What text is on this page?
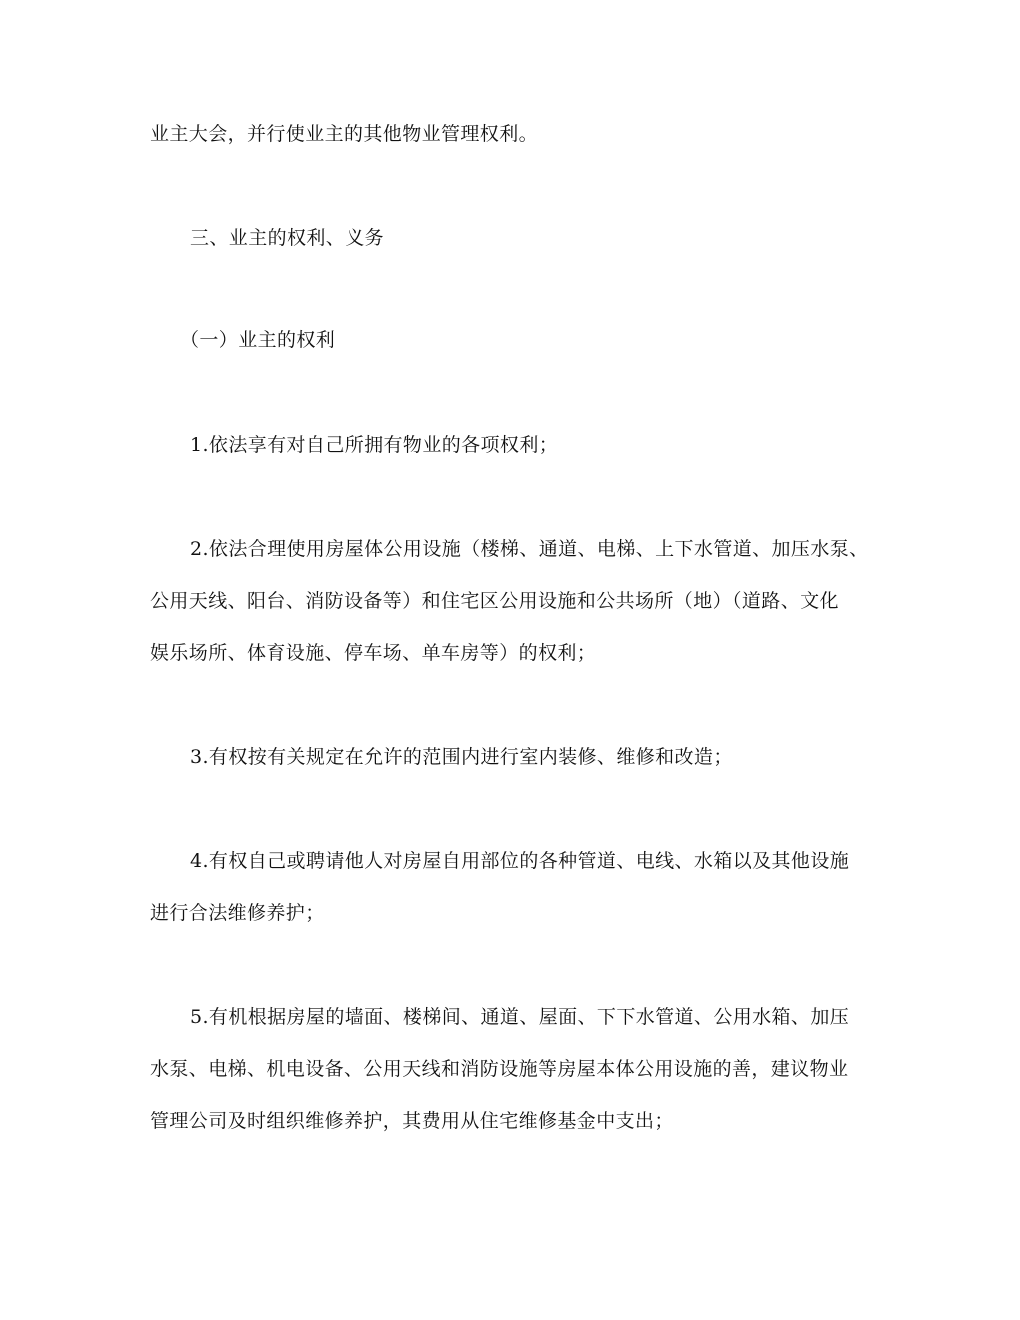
业主大会，并行使业主的其他物业管理权利。
三、业主的权利、义务
（一）业主的权利
1.依法享有对自己所拥有物业的各项权利；
2.依法合理使用房屋体公用设施（楼梯、通道、电梯、上下水管道、加压水泵、
公用天线、阳台、消防设备等）和住宅区公用设施和公共场所（地）（道路、文化
娱乐场所、体育设施、停车场、单车房等）的权利；
3.有权按有关规定在允许的范围内进行室内装修、维修和改造；
4.有权自己或聘请他人对房屋自用部位的各种管道、电线、水箱以及其他设施
进行合法维修养护；
5.有机根据房屋的墙面、楼梯间、通道、屋面、下下水管道、公用水箱、加压
水泵、电梯、机电设备、公用天线和消防设施等房屋本体公用设施的善，建议物业
管理公司及时组织维修养护，其费用从住宅维修基金中支出；
